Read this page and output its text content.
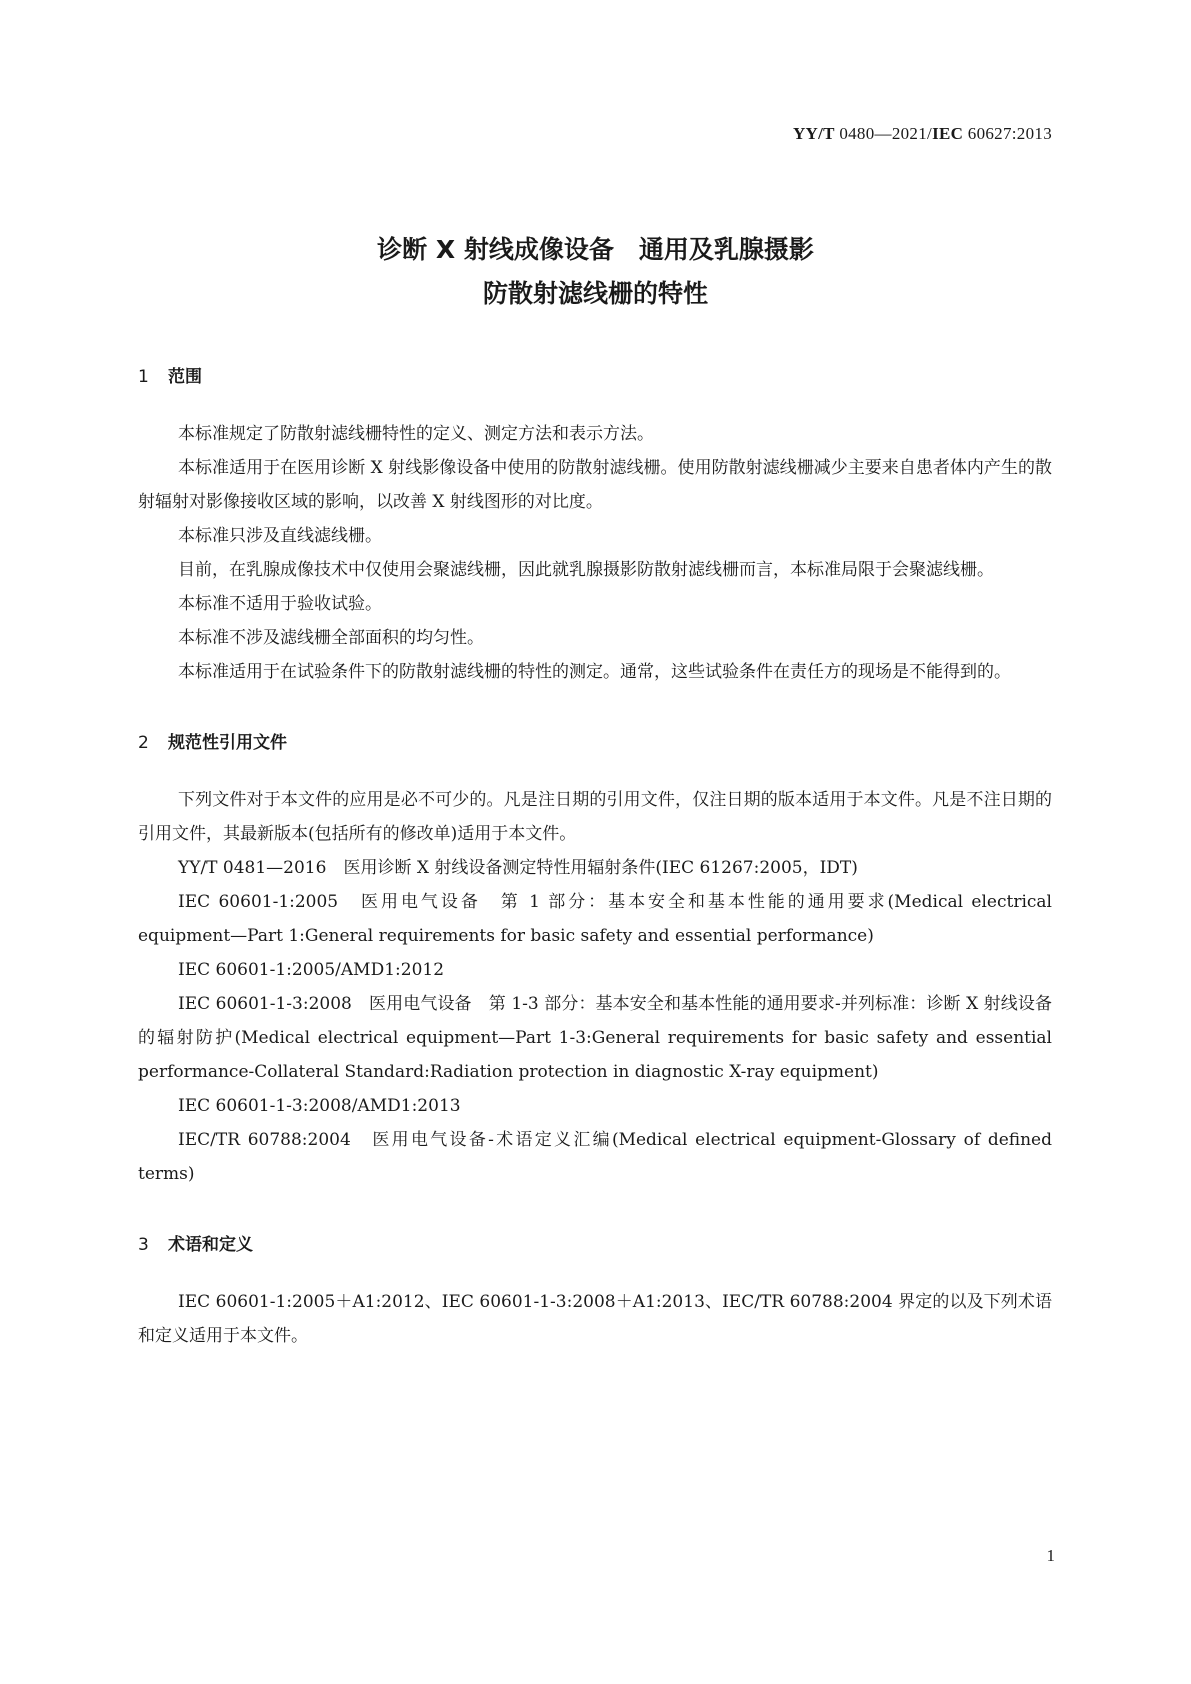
YY/T 0480—2021/IEC 60627:2013
诊断 X 射线成像设备　通用及乳腺摄影
防散射滤线栅的特性
1 范围

本标准规定了防散射滤线栅特性的定义、测定方法和表示方法。

本标准适用于在医用诊断 X 射线影像设备中使用的防散射滤线栅。使用防散射滤线栅减少主要来自患者体内产生的散射辐射对影像接收区域的影响，以改善 X 射线图形的对比度。

本标准只涉及直线滤线栅。

目前，在乳腺成像技术中仅使用会聚滤线栅，因此就乳腺摄影防散射滤线栅而言，本标准局限于会聚滤线栅。

本标准不适用于验收试验。

本标准不涉及滤线栅全部面积的均匀性。

本标准适用于在试验条件下的防散射滤线栅的特性的测定。通常，这些试验条件在责任方的现场是不能得到的。

2 规范性引用文件

下列文件对于本文件的应用是必不可少的。凡是注日期的引用文件，仅注日期的版本适用于本文件。凡是不注日期的引用文件，其最新版本(包括所有的修改单)适用于本文件。

YY/T 0481—2016　医用诊断 X 射线设备测定特性用辐射条件(IEC 61267:2005，IDT)

IEC 60601-1:2005　医用电气设备　第 1 部分：基本安全和基本性能的通用要求(Medical electrical equipment—Part 1:General requirements for basic safety and essential performance)

IEC 60601-1:2005/AMD1:2012

IEC 60601-1-3:2008　医用电气设备　第 1-3 部分：基本安全和基本性能的通用要求-并列标准：诊断 X 射线设备的辐射防护(Medical electrical equipment—Part 1-3:General requirements for basic safety and essential performance-Collateral Standard:Radiation protection in diagnostic X-ray equipment)

IEC 60601-1-3:2008/AMD1:2013

IEC/TR 60788:2004　医用电气设备-术语定义汇编(Medical electrical equipment-Glossary of defined terms)

3 术语和定义

IEC 60601-1:2005＋A1:2012、IEC 60601-1-3:2008＋A1:2013、IEC/TR 60788:2004 界定的以及下列术语和定义适用于本文件。

1
